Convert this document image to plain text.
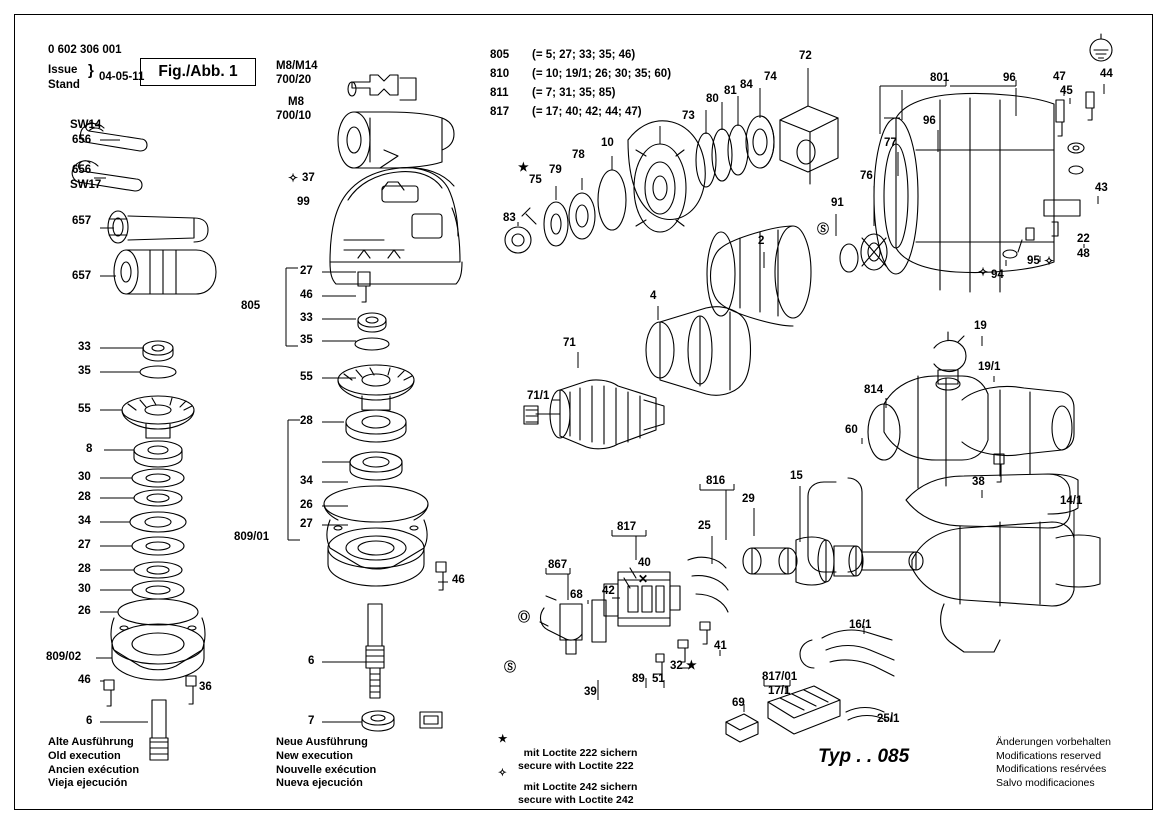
0 602 306 001
Issue
Stand
} 04-05-11 Fig./Abb. 1
SW14
656
656
SW17
657
657
M8/M14
700/20
M8
700/10
805 (= 5; 27; 33; 35; 46)
810 (= 10; 19/1; 26; 30; 35; 60)
811 (= 7; 31; 35; 85)
817 (= 17; 40; 42; 44; 47)
33
35
55
8
30
28
34
27
28
30
26
809/02
46
36
6
37
99
805
27
46
33
35
55
28
809/01
34
26
27
46
6
7
83
75
79
78
10
73
80
81 84
74
72
2
4
71
71/1
91
801	96
96
77
76
45
47	44
43
22
48
94
95
19
19/1
814
60
38
14/1
15
816
29
25
817
40
42
867
68
41
39
89 51
32
16/1
817/01
17/1
69
25/1
★
✧
✧
✧
★
Ⓢ
Ⓢ
Ⓞ
✕
Alte Ausführung
Old execution
Ancien exécution
Vieja ejecución
Neue Ausführung
New execution
Nouvelle exécution
Nueva ejecución

★
mit Loctite 222 sichern
secure with Loctite 222

✧
mit Loctite 242 sichern
secure with Loctite 242

Typ . . 085
Änderungen vorbehalten
Modifications reserved
Modifications resérvées
Salvo modificaciones
